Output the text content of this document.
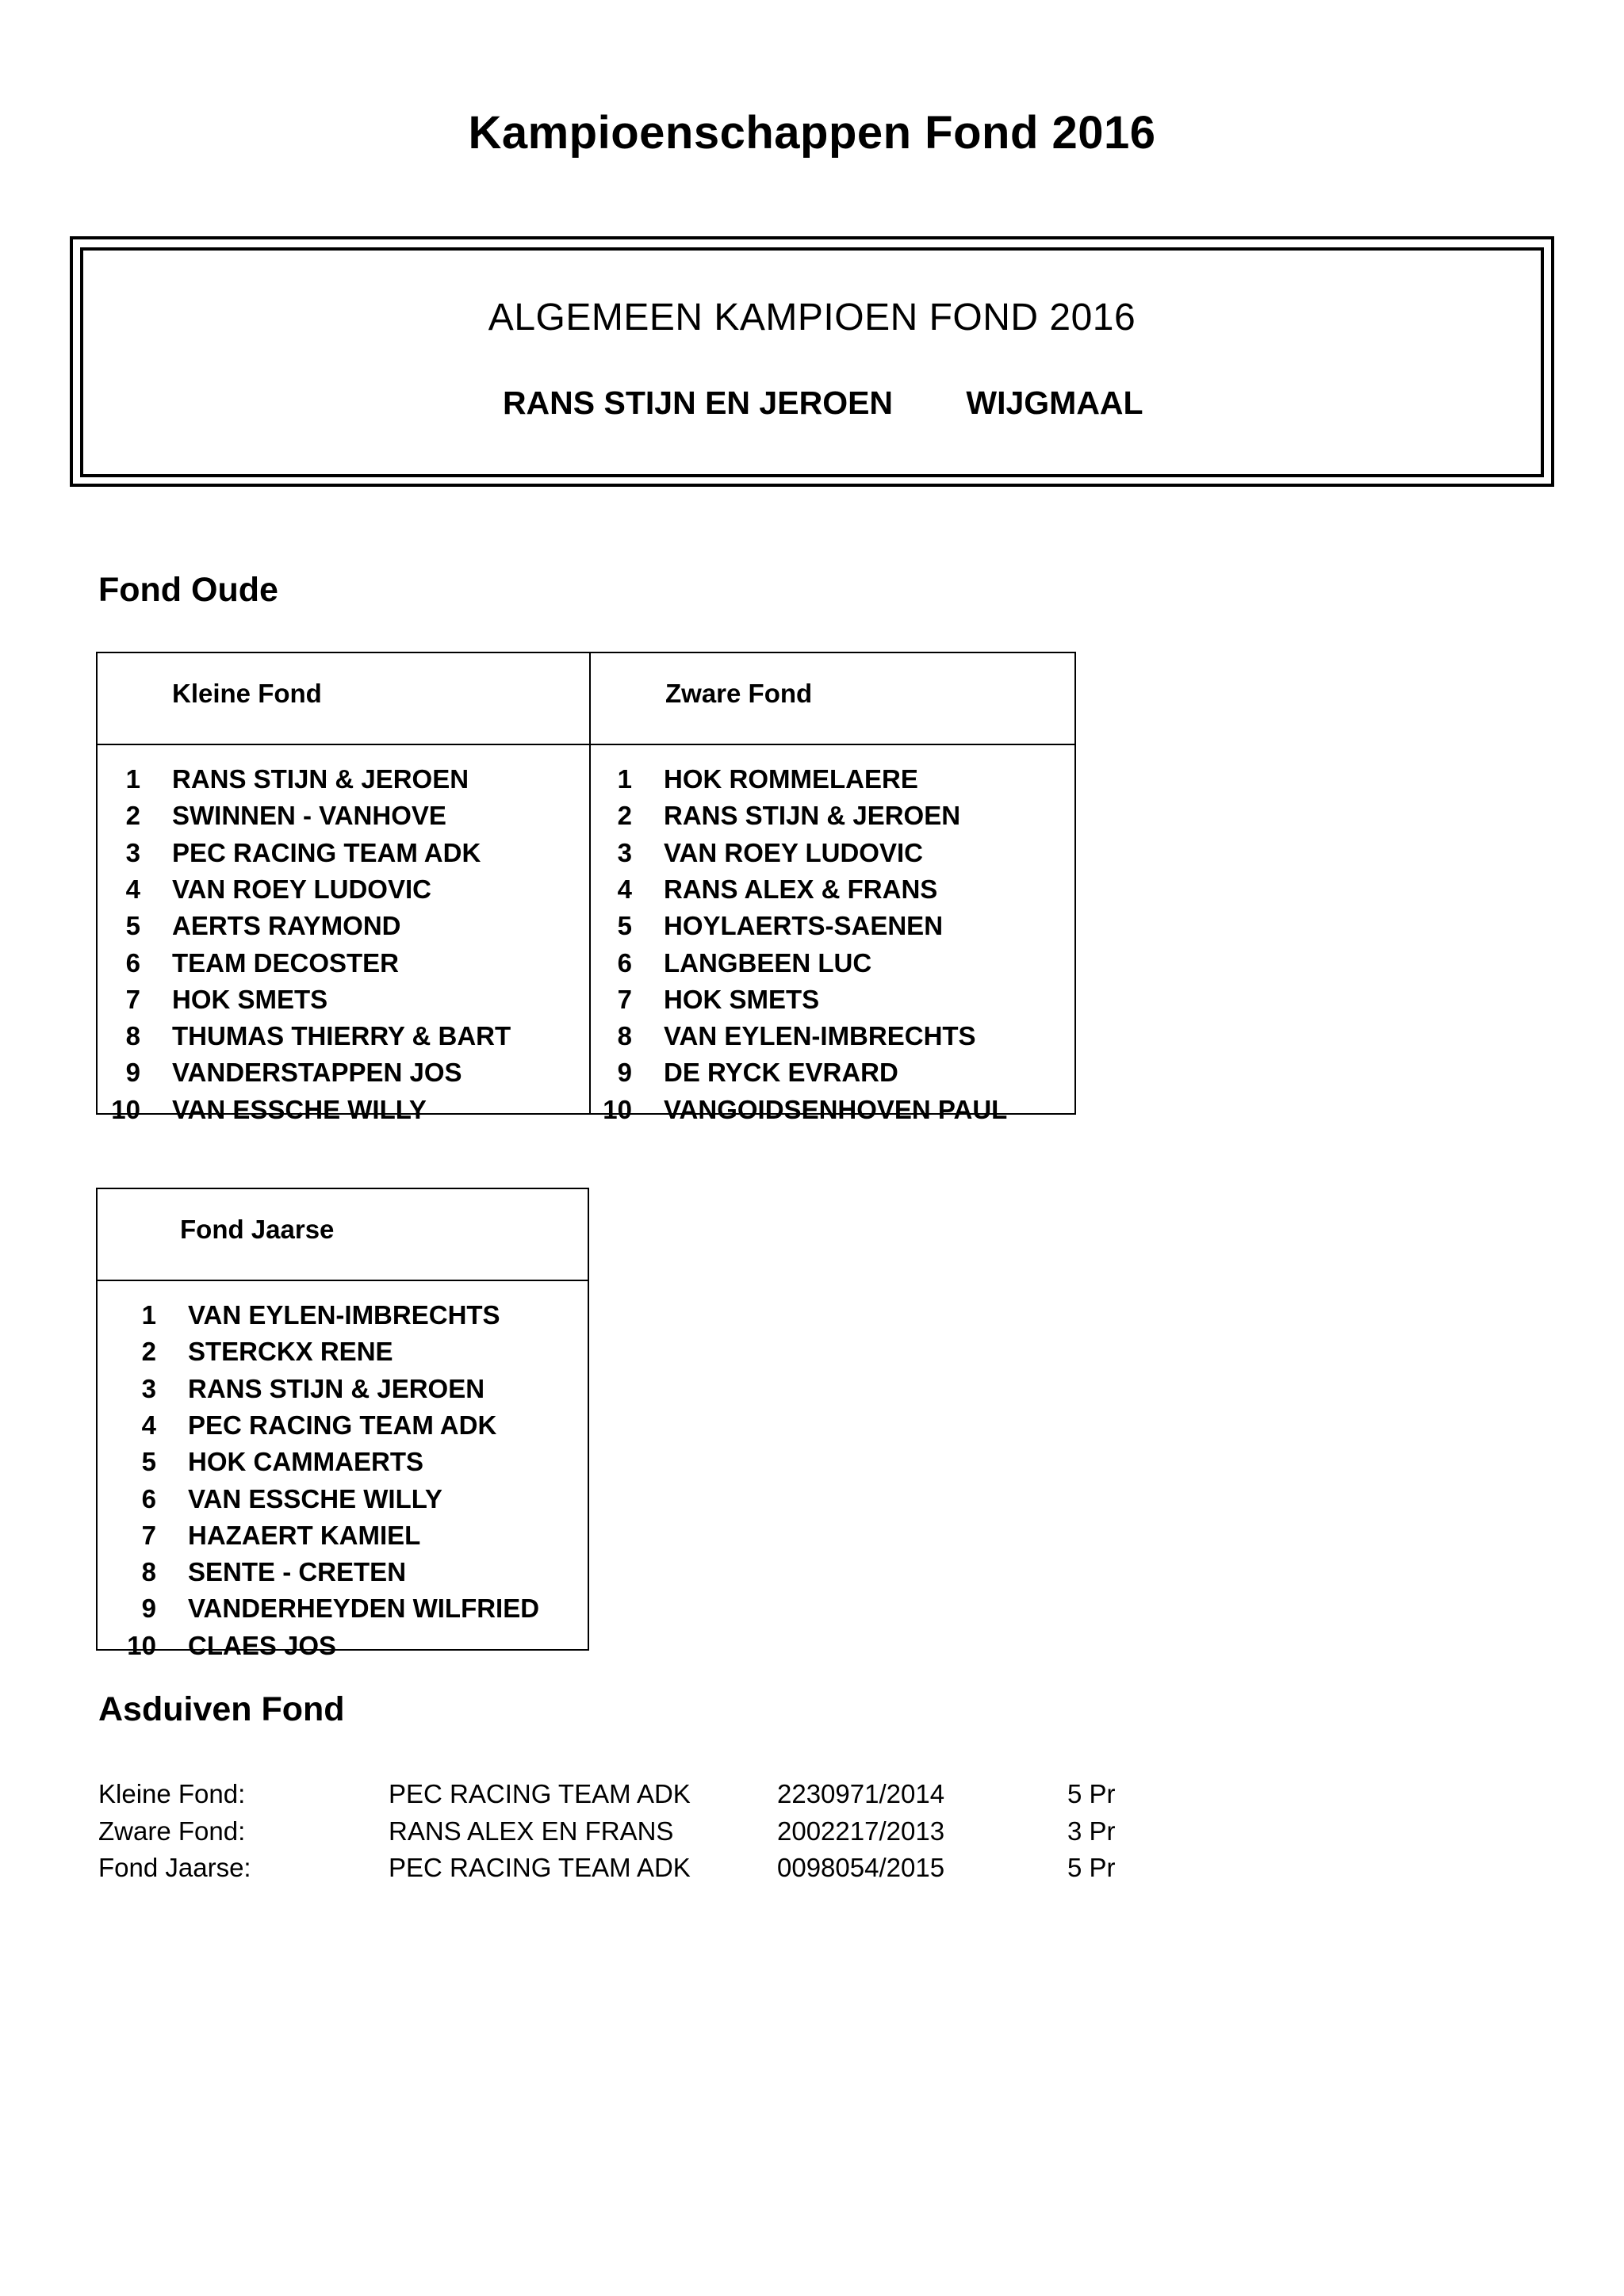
Kampioenschappen Fond 2016
ALGEMEEN KAMPIOEN FOND 2016
RANS STIJN EN JEROEN	WIJGMAAL
Fond Oude
Kleine Fond
1 RANS STIJN & JEROEN
2 SWINNEN - VANHOVE
3 PEC RACING TEAM ADK
4 VAN ROEY LUDOVIC
5 AERTS RAYMOND
6 TEAM DECOSTER
7 HOK SMETS
8 THUMAS THIERRY & BART
9 VANDERSTAPPEN JOS
10 VAN ESSCHE WILLY
Zware Fond
1 HOK ROMMELAERE
2 RANS STIJN & JEROEN
3 VAN ROEY LUDOVIC
4 RANS ALEX & FRANS
5 HOYLAERTS-SAENEN
6 LANGBEEN LUC
7 HOK SMETS
8 VAN EYLEN-IMBRECHTS
9 DE RYCK EVRARD
10 VANGOIDSENHOVEN PAUL
Fond Jaarse
1 VAN EYLEN-IMBRECHTS
2 STERCKX RENE
3 RANS STIJN & JEROEN
4 PEC RACING TEAM ADK
5 HOK CAMMAERTS
6 VAN ESSCHE WILLY
7 HAZAERT KAMIEL
8 SENTE - CRETEN
9 VANDERHEYDEN WILFRIED
10 CLAES JOS
Asduiven Fond
Kleine Fond:	PEC RACING TEAM ADK	2230971/2014	5 Pr
Zware Fond:	RANS ALEX EN FRANS	2002217/2013	3 Pr
Fond Jaarse:	PEC RACING TEAM ADK	0098054/2015	5 Pr
